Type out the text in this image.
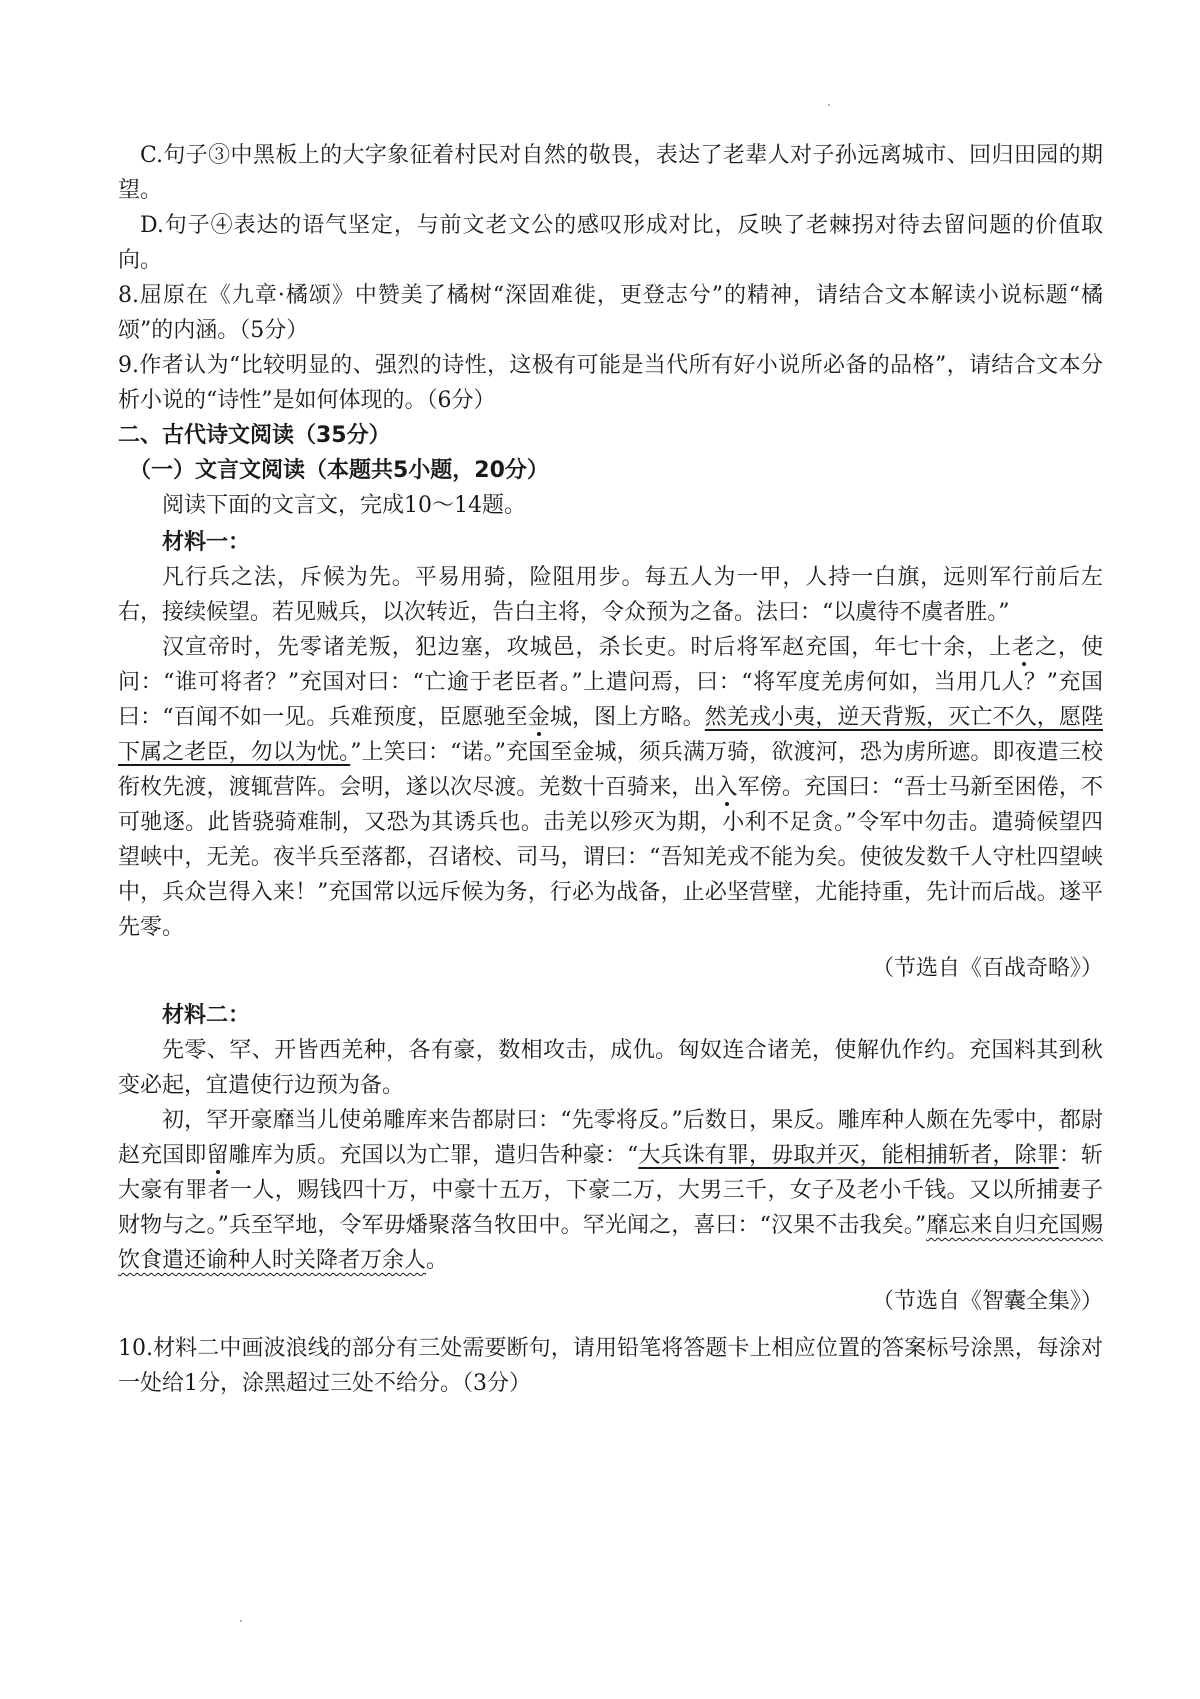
C.句子③中黑板上的大字象征着村民对自然的敬畏，表达了老辈人对子孙远离城市、回归田园的期望。

D.句子④表达的语气坚定，与前文老文公的感叹形成对比，反映了老棘拐对待去留问题的价值取向。

8.屈原在《九章·橘颂》中赞美了橘树“深固难徙，更登志兮”的精神，请结合文本解读小说标题“橘颂”的内涵。（5分）

9.作者认为“比较明显的、强烈的诗性，这极有可能是当代所有好小说所必备的品格”，请结合文本分析小说的“诗性”是如何体现的。（6分）

二、古代诗文阅读（35分）

（一）文言文阅读（本题共5小题，20分）

阅读下面的文言文，完成10～14题。

材料一：

凡行兵之法，斥候为先。平易用骑，险阻用步。每五人为一甲，人持一白旗，远则军行前后左右，接续候望。若见贼兵，以次转近，告白主将，令众预为之备。法曰：“以虞待不虞者胜。”

汉宣帝时，先零诸羌叛，犯边塞，攻城邑，杀长吏。时后将军赵充国，年七十余，上老之，使问：“谁可将者？”充国对曰：“亡逾于老臣者。”上遣问焉，曰：“将军度羌虏何如，当用几人？”充国曰：“百闻不如一见。兵难预度，臣愿驰至金城，图上方略。然羌戎小夷，逆天背叛，灭亡不久，愿陛下属之老臣，勿以为忧。”上笑曰：“诺。”充国至金城，须兵满万骑，欲渡河，恐为虏所遮。即夜遣三校衔枚先渡，渡辄营阵。会明，遂以次尽渡。羌数十百骑来，出入军傍。充国曰：“吾士马新至困倦，不可驰逐。此皆骁骑难制，又恐为其诱兵也。击羌以殄灭为期，小利不足贪。”令军中勿击。遣骑候望四望峡中，无羌。夜半兵至落都，召诸校、司马，谓曰：“吾知羌戎不能为矣。使彼发数千人守杜四望峡中，兵众岂得入来！”充国常以远斥候为务，行必为战备，止必坚营壁，尤能持重，先计而后战。遂平先零。

（节选自《百战奇略》）

材料二：

先零、罕、开皆西羌种，各有豪，数相攻击，成仇。匈奴连合诸羌，使解仇作约。充国料其到秋变必起，宜遣使行边预为备。

初，罕开豪靡当儿使弟雕库来告都尉曰：“先零将反。”后数日，果反。雕库种人颇在先零中，都尉赵充国即留雕库为质。充国以为亡罪，遣归告种豪：“大兵诛有罪，毋取并灭，能相捕斩者，除罪：斩大豪有罪者一人，赐钱四十万，中豪十五万，下豪二万，大男三千，女子及老小千钱。又以所捕妻子财物与之。”兵至罕地，令军毋燔聚落刍牧田中。罕光闻之，喜曰：“汉果不击我矣。”靡忘来自归充国赐饮食遣还谕种人时关降者万余人。

（节选自《智囊全集》）

10.材料二中画波浪线的部分有三处需要断句，请用铅笔将答题卡上相应位置的答案标号涂黑，每涂对一处给1分，涂黑超过三处不给分。（3分）
